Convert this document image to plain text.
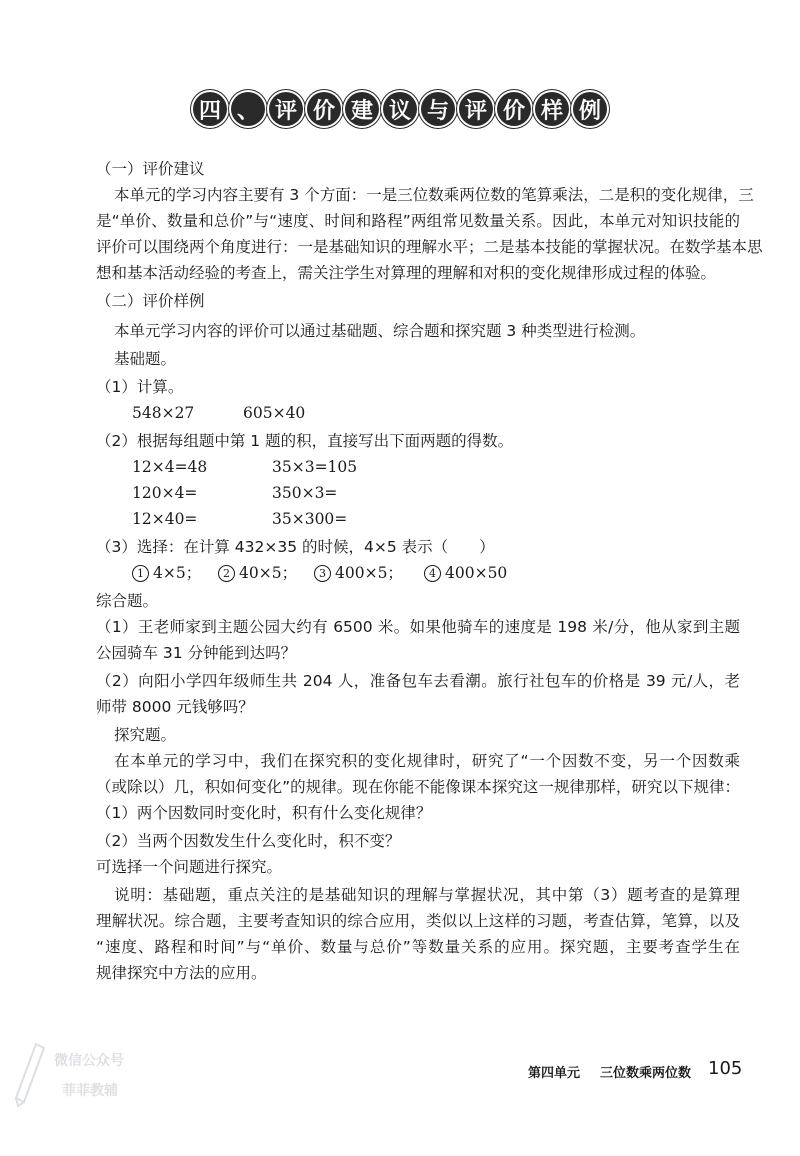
四 、 评 价 建 议 与 评 价 样 例
（一）评价建议
本单元的学习内容主要有 3 个方面：一是三位数乘两位数的笔算乘法，二是积的变化规律，三
是“单价、数量和总价”与“速度、时间和路程”两组常见数量关系。因此，本单元对知识技能的
评价可以围绕两个角度进行：一是基础知识的理解水平；二是基本技能的掌握状况。在数学基本思
想和基本活动经验的考查上，需关注学生对算理的理解和对积的变化规律形成过程的体验。
（二）评价样例
本单元学习内容的评价可以通过基础题、综合题和探究题 3 种类型进行检测。
基础题。
（1）计算。
548×27	605×40
（2）根据每组题中第 1 题的积，直接写出下面两题的得数。
12×4=48	35×3=105
120×4=	350×3=
12×40=	35×300=
（3）选择：在计算 432×35 的时候，4×5 表示（　　）
1 4×5；	2 40×5；	3 400×5；	4 400×50
综合题。
（1）王老师家到主题公园大约有 6500 米。如果他骑车的速度是 198 米/分，他从家到主题
公园骑车 31 分钟能到达吗？
（2）向阳小学四年级师生共 204 人，准备包车去看潮。旅行社包车的价格是 39 元/人，老
师带 8000 元钱够吗？
探究题。
在本单元的学习中，我们在探究积的变化规律时，研究了“一个因数不变，另一个因数乘
（或除以）几，积如何变化”的规律。现在你能不能像课本探究这一规律那样，研究以下规律：
（1）两个因数同时变化时，积有什么变化规律？
（2）当两个因数发生什么变化时，积不变？
可选择一个问题进行探究。
说明：基础题，重点关注的是基础知识的理解与掌握状况，其中第（3）题考查的是算理
理解状况。综合题，主要考查知识的综合应用，类似以上这样的习题，考查估算，笔算，以及
“速度、路程和时间”与“单价、数量与总价”等数量关系的应用。探究题，主要考查学生在
规律探究中方法的应用。
微信公众号
菲菲教辅
第四单元 三位数乘两位数 105
